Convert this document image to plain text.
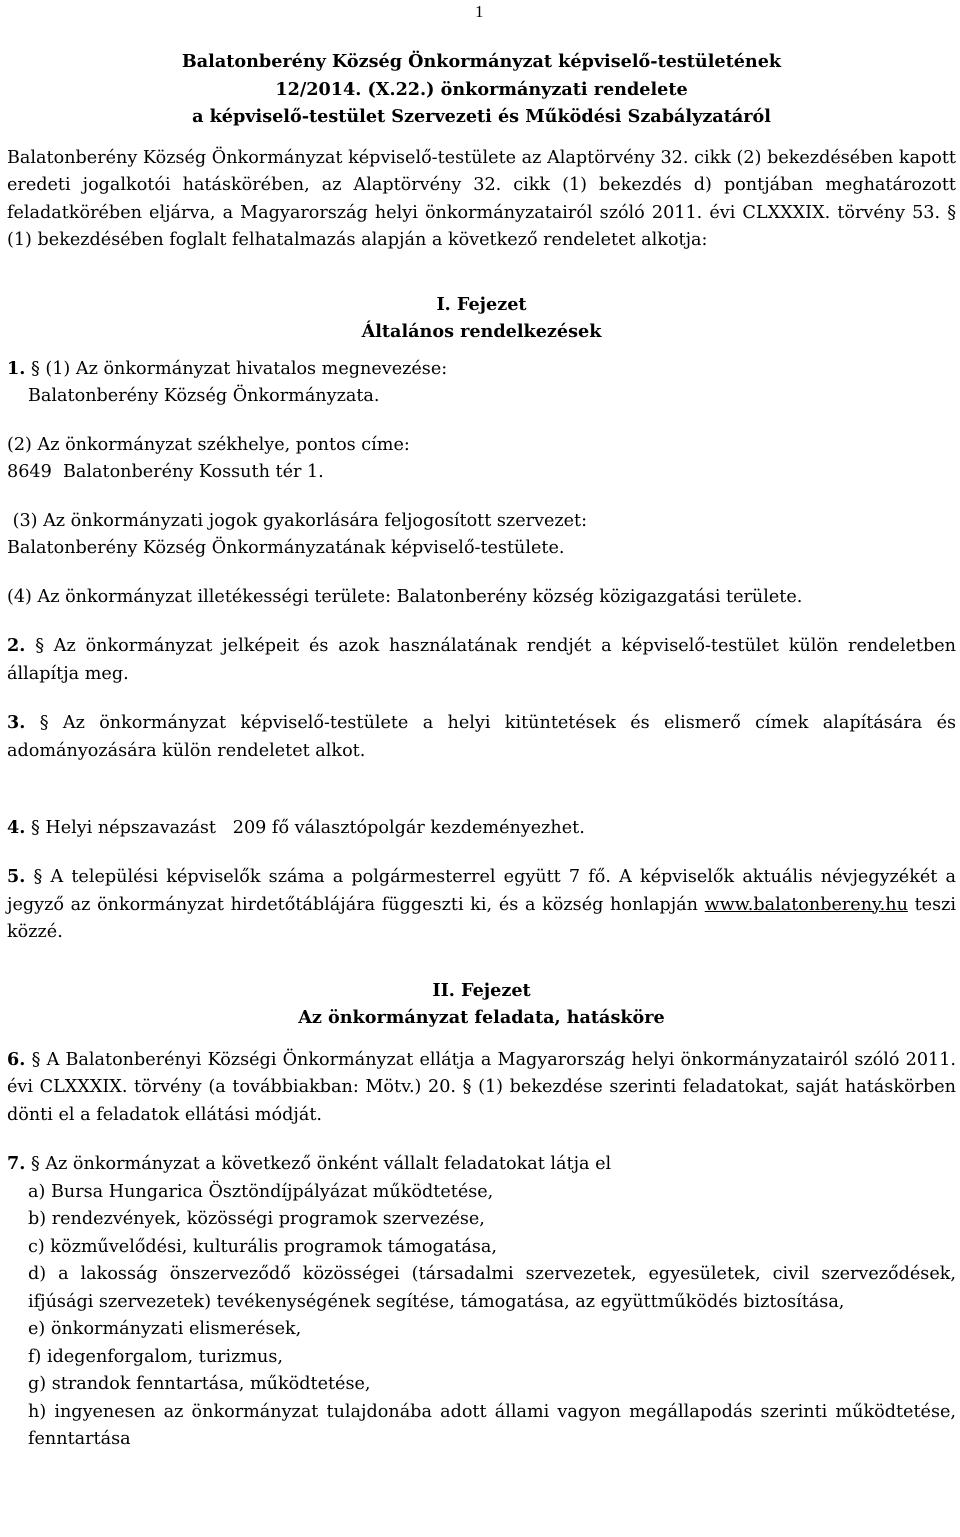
1
Balatonberény Község Önkormányzat képviselő-testületének
12/2014. (X.22.) önkormányzati rendelete
a képviselő-testület Szervezeti és Működési Szabályzatáról

Balatonberény Község Önkormányzat képviselő-testülete az Alaptörvény 32. cikk (2) bekezdésében kapott eredeti jogalkotói hatáskörében, az Alaptörvény 32. cikk (1) bekezdés d) pontjában meghatározott feladatkörében eljárva, a Magyarország helyi önkormányzatairól szóló 2011. évi CLXXXIX. törvény 53. § (1) bekezdésében foglalt felhatalmazás alapján a következő rendeletet alkotja:

I. Fejezet
Általános rendelkezések

1. § (1) Az önkormányzat hivatalos megnevezése:
Balatonberény Község Önkormányzata.

(2) Az önkormányzat székhelye, pontos címe:
8649  Balatonberény Kossuth tér 1.

(3) Az önkormányzati jogok gyakorlására feljogosított szervezet:
Balatonberény Község Önkormányzatának képviselő-testülete.

(4) Az önkormányzat illetékességi területe: Balatonberény község közigazgatási területe.

2. § Az önkormányzat jelképeit és azok használatának rendjét a képviselő-testület külön rendeletben állapítja meg.

3. § Az önkormányzat képviselő-testülete a helyi kitüntetések és elismerő címek alapítására és adományozására külön rendeletet alkot.

4. § Helyi népszavazást   209 fő választópolgár kezdeményezhet.

5. § A települési képviselők száma a polgármesterrel együtt 7 fő. A képviselők aktuális névjegyzékét a jegyző az önkormányzat hirdetőtáblájára függeszti ki, és a község honlapján www.balatonbereny.hu teszi közzé.

II. Fejezet
Az önkormányzat feladata, hatásköre

6. § A Balatonberényi Községi Önkormányzat ellátja a Magyarország helyi önkormányzatairól szóló 2011. évi CLXXXIX. törvény (a továbbiakban: Mötv.) 20. § (1) bekezdése szerinti feladatokat, saját hatáskörben dönti el a feladatok ellátási módját.

7. § Az önkormányzat a következő önként vállalt feladatokat látja el

a) Bursa Hungarica Ösztöndíjpályázat működtetése,
b) rendezvények, közösségi programok szervezése,
c) közművelődési, kulturális programok támogatása,
d) a lakosság önszerveződő közösségei (társadalmi szervezetek, egyesületek, civil szerveződések, ifjúsági szervezetek) tevékenységének segítése, támogatása, az együttműködés biztosítása,
e) önkormányzati elismerések,
f) idegenforgalom, turizmus,
g) strandok fenntartása, működtetése,
h) ingyenesen az önkormányzat tulajdonába adott állami vagyon megállapodás szerinti működtetése, fenntartása
